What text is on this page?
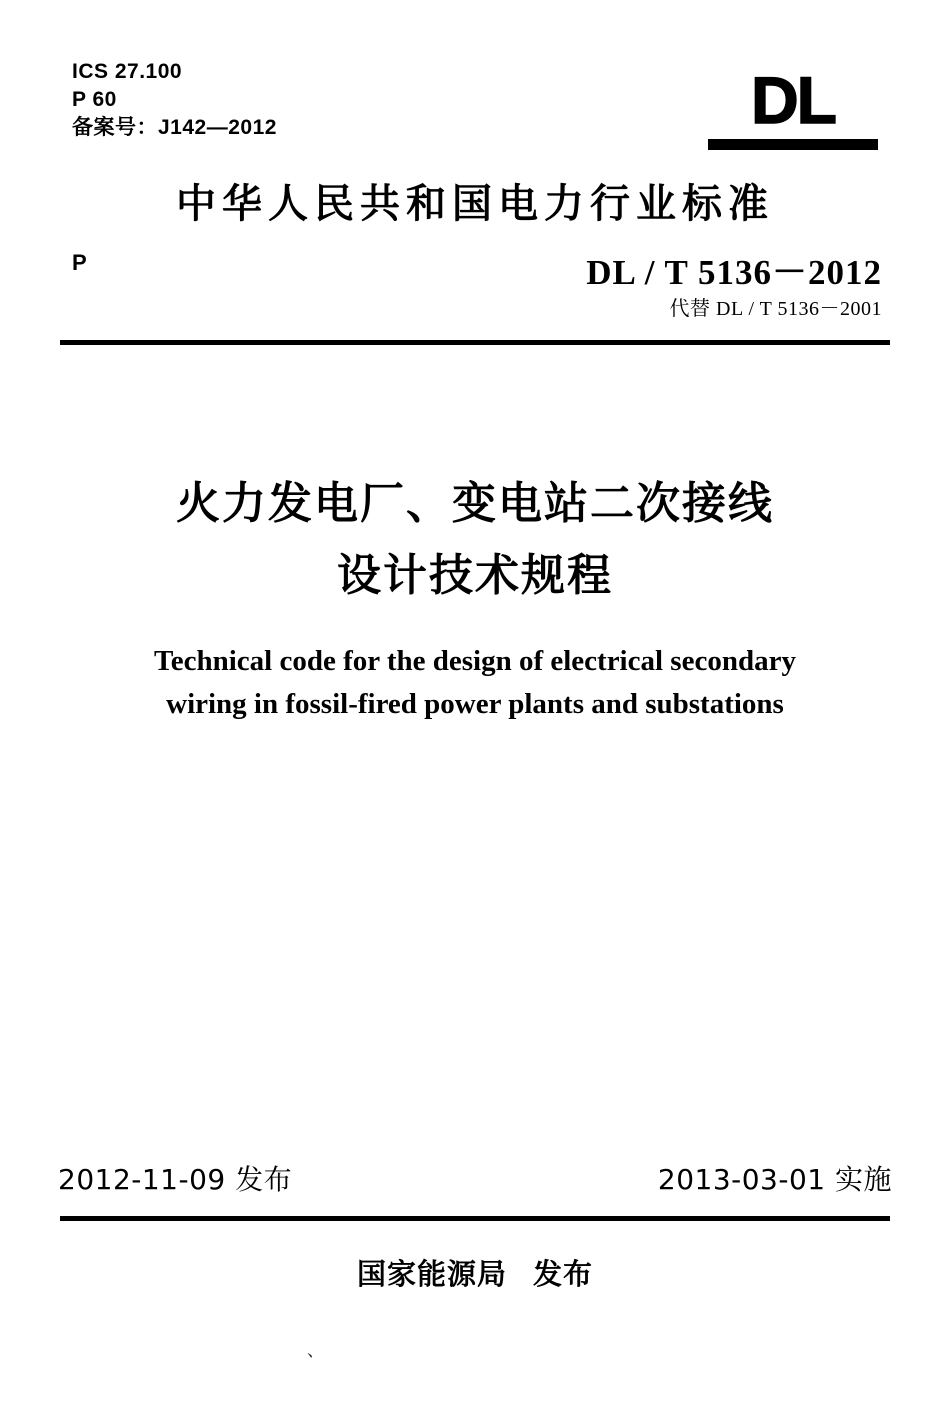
ICS 27.100
P 60
备案号：J142—2012	DL
中华人民共和国电力行业标准
P	DL / T 5136－2012
代替 DL / T 5136－2001
火力发电厂、变电站二次接线
设计技术规程
Technical code for the design of electrical secondary
wiring in fossil-fired power plants and substations
2012-11-09 发布	2013-03-01 实施
国家能源局 发布
、
